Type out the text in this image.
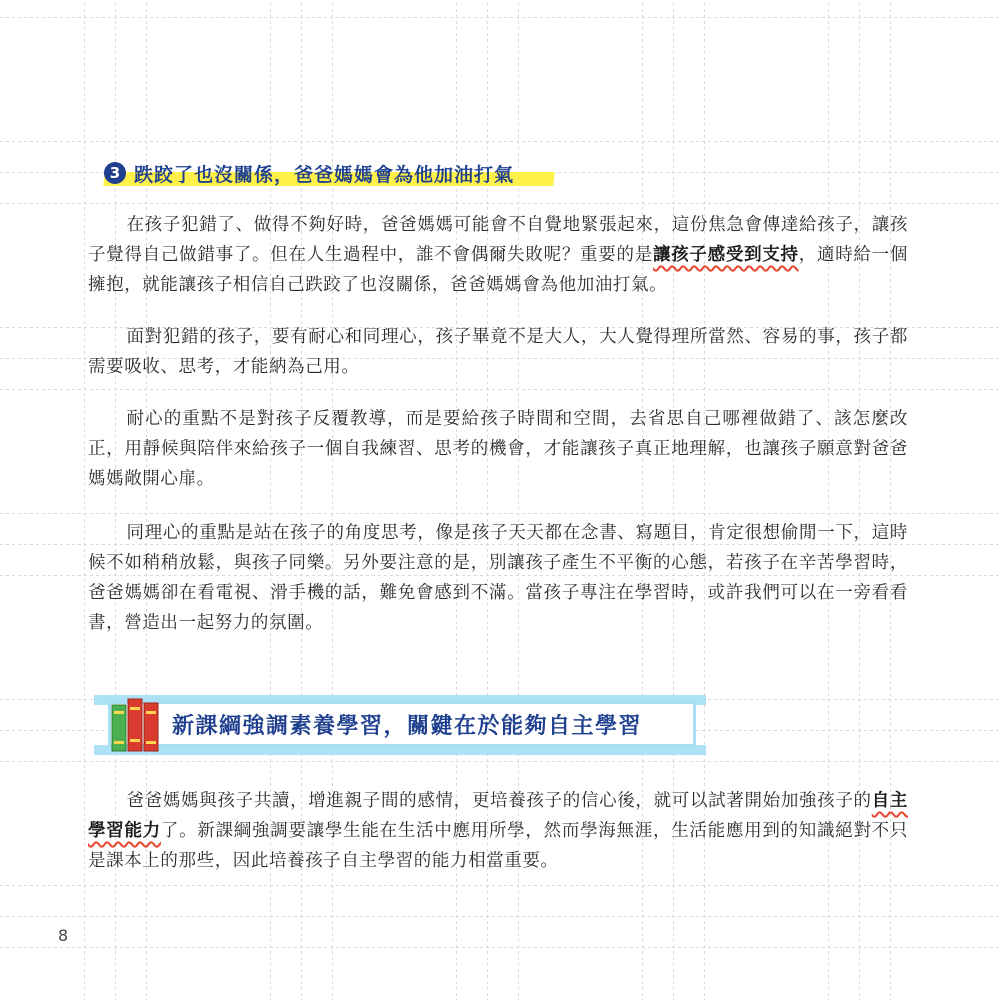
3 跌跤了也沒關係，爸爸媽媽會為他加油打氣

在孩子犯錯了、做得不夠好時，爸爸媽媽可能會不自覺地緊張起來，這份焦急會傳達給孩子，讓孩子覺得自己做錯事了。但在人生過程中，誰不會偶爾失敗呢？重要的是讓孩子感受到支持，適時給一個擁抱，就能讓孩子相信自己跌跤了也沒關係，爸爸媽媽會為他加油打氣。

面對犯錯的孩子，要有耐心和同理心，孩子畢竟不是大人，大人覺得理所當然、容易的事，孩子都需要吸收、思考，才能納為己用。

耐心的重點不是對孩子反覆教導，而是要給孩子時間和空間，去省思自己哪裡做錯了、該怎麼改正，用靜候與陪伴來給孩子一個自我練習、思考的機會，才能讓孩子真正地理解，也讓孩子願意對爸爸媽媽敞開心扉。

同理心的重點是站在孩子的角度思考，像是孩子天天都在念書、寫題目，肯定很想偷閒一下，這時候不如稍稍放鬆，與孩子同樂。另外要注意的是，別讓孩子產生不平衡的心態，若孩子在辛苦學習時，爸爸媽媽卻在看電視、滑手機的話，難免會感到不滿。當孩子專注在學習時，或許我們可以在一旁看看書，營造出一起努力的氛圍。

新課綱強調素養學習，關鍵在於能夠自主學習

爸爸媽媽與孩子共讀，增進親子間的感情，更培養孩子的信心後，就可以試著開始加強孩子的自主學習能力了。新課綱強調要讓學生能在生活中應用所學，然而學海無涯，生活能應用到的知識絕對不只是課本上的那些，因此培養孩子自主學習的能力相當重要。

8
